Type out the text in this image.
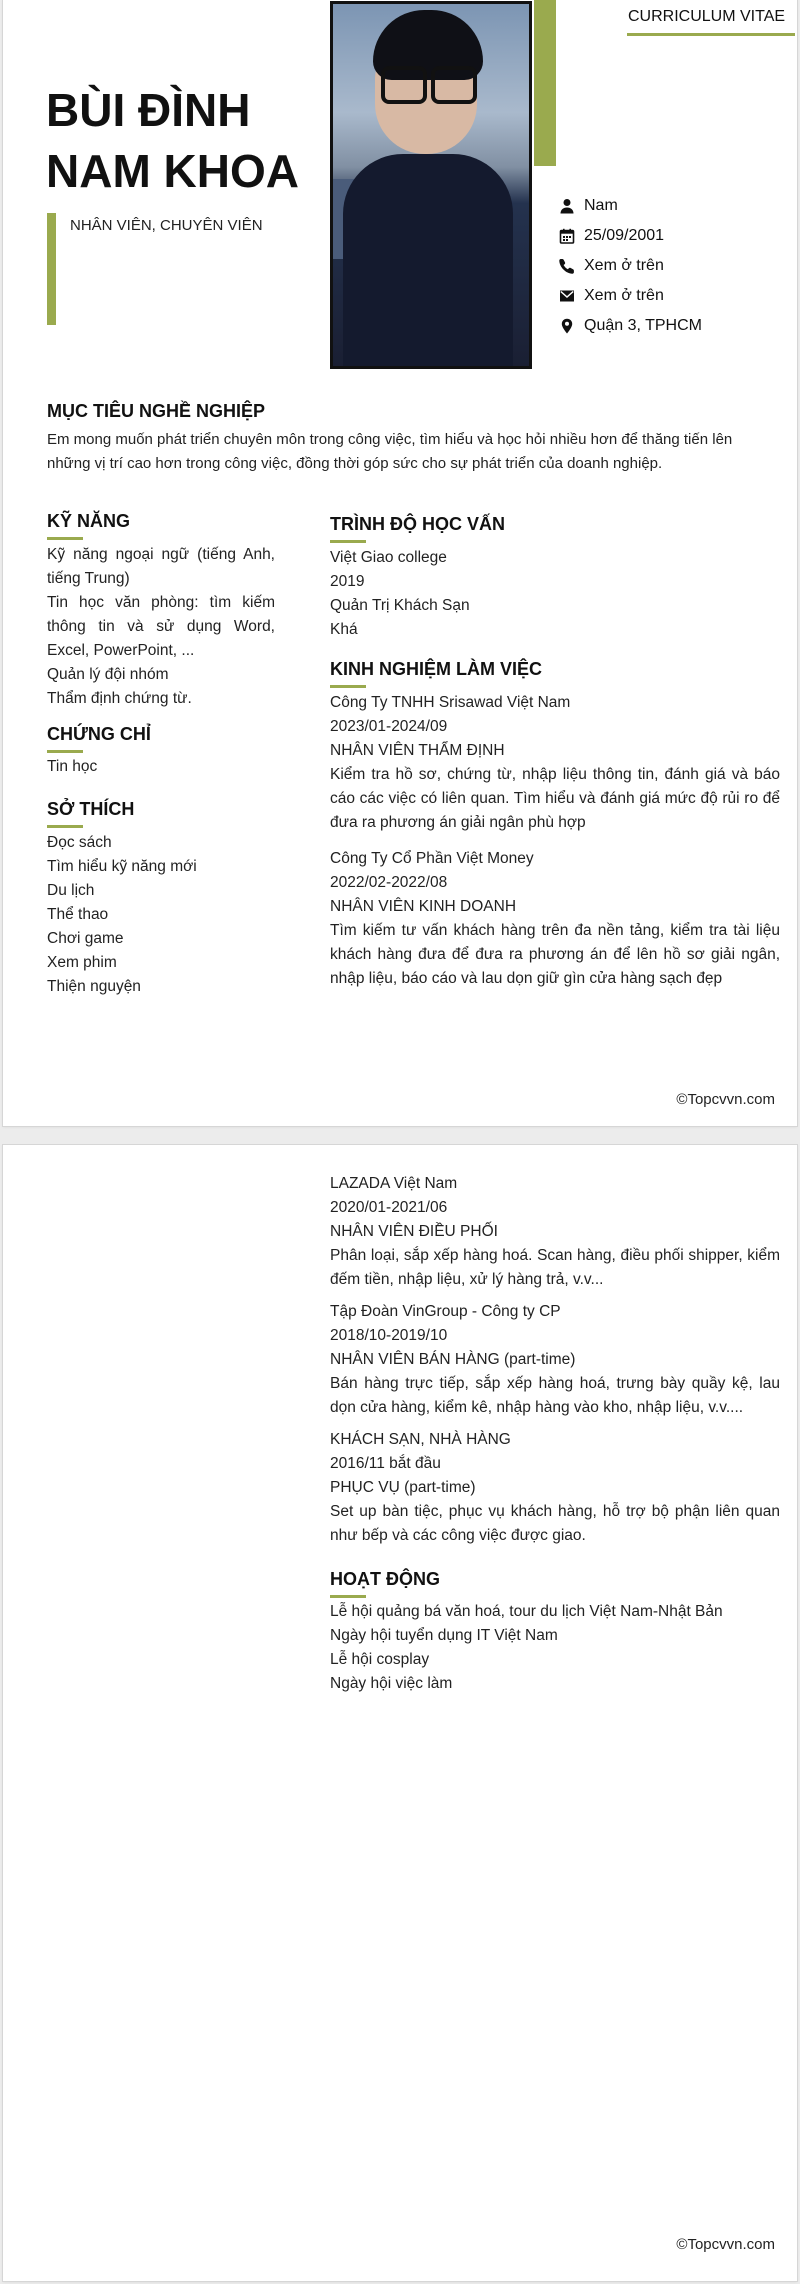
CURRICULUM VITAE
BÙI ĐÌNH
NAM KHOA
NHÂN VIÊN, CHUYÊN VIÊN
Nam
25/09/2001
Xem ở trên
Xem ở trên
Quận 3, TPHCM
MỤC TIÊU NGHỀ NGHIỆP
Em mong muốn phát triển chuyên môn trong công việc, tìm hiểu và học hỏi nhiều hơn để thăng tiến lên những vị trí cao hơn trong công việc, đồng thời góp sức cho sự phát triển của doanh nghiệp.
KỸ NĂNG
Kỹ năng ngoại ngữ (tiếng Anh, tiếng Trung)
Tin học văn phòng: tìm kiếm thông tin và sử dụng Word, Excel, PowerPoint, ...
Quản lý đội nhóm
Thẩm định chứng từ.
CHỨNG CHỈ
Tin học
SỞ THÍCH
Đọc sách
Tìm hiểu kỹ năng mới
Du lịch
Thể thao
Chơi game
Xem phim
Thiện nguyện
TRÌNH ĐỘ HỌC VẤN
Việt Giao college
2019
Quản Trị Khách Sạn
Khá
KINH NGHIỆM LÀM VIỆC
Công Ty TNHH Srisawad Việt Nam
2023/01-2024/09
NHÂN VIÊN THẨM ĐỊNH
Kiểm tra hồ sơ, chứng từ, nhập liệu thông tin, đánh giá và báo cáo các việc có liên quan. Tìm hiểu và đánh giá mức độ rủi ro để đưa ra phương án giải ngân phù hợp
Công Ty Cổ Phần Việt Money
2022/02-2022/08
NHÂN VIÊN KINH DOANH
Tìm kiếm tư vấn khách hàng trên đa nền tảng, kiểm tra tài liệu khách hàng đưa để đưa ra phương án để lên hồ sơ giải ngân, nhập liệu, báo cáo và lau dọn giữ gìn cửa hàng sạch đẹp
©Topcvvn.com
LAZADA Việt Nam
2020/01-2021/06
NHÂN VIÊN ĐIỀU PHỐI
Phân loại, sắp xếp hàng hoá. Scan hàng, điều phối shipper, kiểm đếm tiền, nhập liệu, xử lý hàng trả, v.v...
Tập Đoàn VinGroup - Công ty CP
2018/10-2019/10
NHÂN VIÊN BÁN HÀNG (part-time)
Bán hàng trực tiếp, sắp xếp hàng hoá, trưng bày quầy kệ, lau dọn cửa hàng, kiểm kê, nhập hàng vào kho, nhập liệu, v.v....
KHÁCH SẠN, NHÀ HÀNG
2016/11 bắt đầu
PHỤC VỤ (part-time)
Set up bàn tiệc, phục vụ khách hàng, hỗ trợ bộ phận liên quan như bếp và các công việc được giao.
HOẠT ĐỘNG
Lễ hội quảng bá văn hoá, tour du lịch Việt Nam-Nhật Bản
Ngày hội tuyển dụng IT Việt Nam
Lễ hội cosplay
Ngày hội việc làm
©Topcvvn.com
